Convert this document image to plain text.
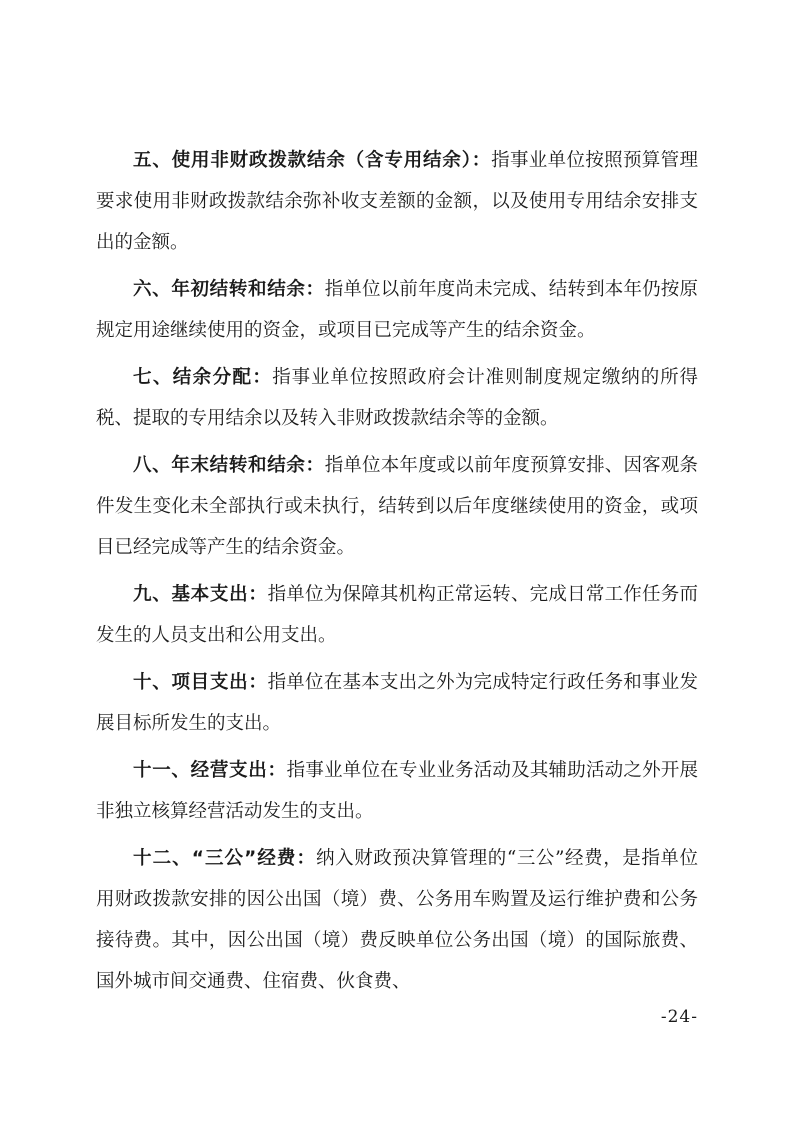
五、使用非财政拨款结余（含专用结余）：指事业单位按照预算管理要求使用非财政拨款结余弥补收支差额的金额，以及使用专用结余安排支出的金额。

六、年初结转和结余：指单位以前年度尚未完成、结转到本年仍按原规定用途继续使用的资金，或项目已完成等产生的结余资金。

七、结余分配：指事业单位按照政府会计准则制度规定缴纳的所得税、提取的专用结余以及转入非财政拨款结余等的金额。

八、年末结转和结余：指单位本年度或以前年度预算安排、因客观条件发生变化未全部执行或未执行，结转到以后年度继续使用的资金，或项目已经完成等产生的结余资金。

九、基本支出：指单位为保障其机构正常运转、完成日常工作任务而发生的人员支出和公用支出。

十、项目支出：指单位在基本支出之外为完成特定行政任务和事业发展目标所发生的支出。

十一、经营支出：指事业单位在专业业务活动及其辅助活动之外开展非独立核算经营活动发生的支出。

十二、“三公”经费：纳入财政预决算管理的“三公”经费，是指单位用财政拨款安排的因公出国（境）费、公务用车购置及运行维护费和公务接待费。其中，因公出国（境）费反映单位公务出国（境）的国际旅费、国外城市间交通费、住宿费、伙食费、

-24-
